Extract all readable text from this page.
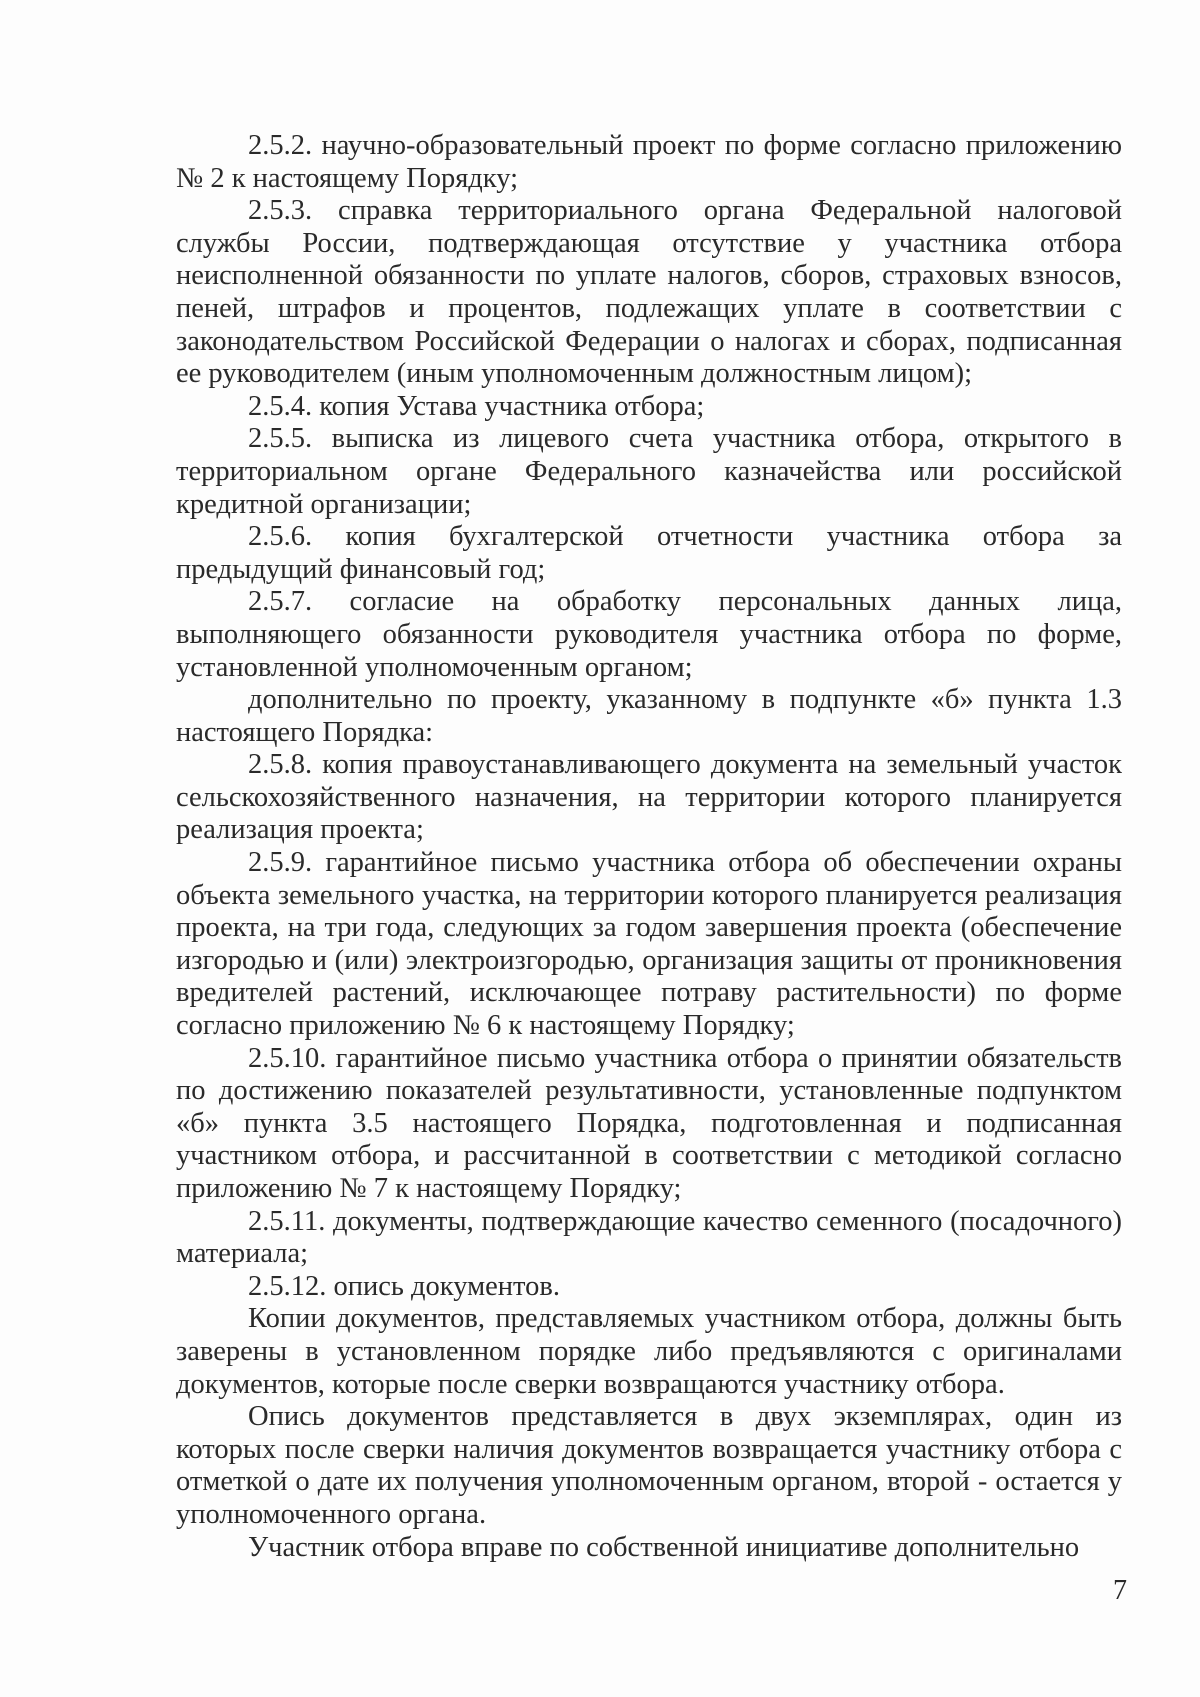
2.5.2. научно-образовательный проект по форме согласно приложению № 2 к настоящему Порядку;

2.5.3. справка территориального органа Федеральной налоговой службы России, подтверждающая отсутствие у участника отбора неисполненной обязанности по уплате налогов, сборов, страховых взносов, пеней, штрафов и процентов, подлежащих уплате в соответствии с законодательством Российской Федерации о налогах и сборах, подписанная ее руководителем (иным уполномоченным должностным лицом);

2.5.4. копия Устава участника отбора;

2.5.5. выписка из лицевого счета участника отбора, открытого в территориальном органе Федерального казначейства или российской кредитной организации;

2.5.6. копия бухгалтерской отчетности участника отбора за предыдущий финансовый год;

2.5.7. согласие на обработку персональных данных лица, выполняющего обязанности руководителя участника отбора по форме, установленной уполномоченным органом;

дополнительно по проекту, указанному в подпункте «б» пункта 1.3 настоящего Порядка:

2.5.8. копия правоустанавливающего документа на земельный участок сельскохозяйственного назначения, на территории которого планируется реализация проекта;

2.5.9. гарантийное письмо участника отбора об обеспечении охраны объекта земельного участка, на территории которого планируется реализация проекта, на три года, следующих за годом завершения проекта (обеспечение изгородью и (или) электроизгородью, организация защиты от проникновения вредителей растений, исключающее потраву растительности) по форме согласно приложению № 6 к настоящему Порядку;

2.5.10. гарантийное письмо участника отбора о принятии обязательств по достижению показателей результативности, установленные подпунктом «б» пункта 3.5 настоящего Порядка, подготовленная и подписанная участником отбора, и рассчитанной в соответствии с методикой согласно приложению № 7 к настоящему Порядку;

2.5.11. документы, подтверждающие качество семенного (посадочного) материала;

2.5.12. опись документов.

Копии документов, представляемых участником отбора, должны быть заверены в установленном порядке либо предъявляются с оригиналами документов, которые после сверки возвращаются участнику отбора.

Опись документов представляется в двух экземплярах, один из которых после сверки наличия документов возвращается участнику отбора с отметкой о дате их получения уполномоченным органом, второй - остается у уполномоченного органа.

Участник отбора вправе по собственной инициативе дополнительно

7
